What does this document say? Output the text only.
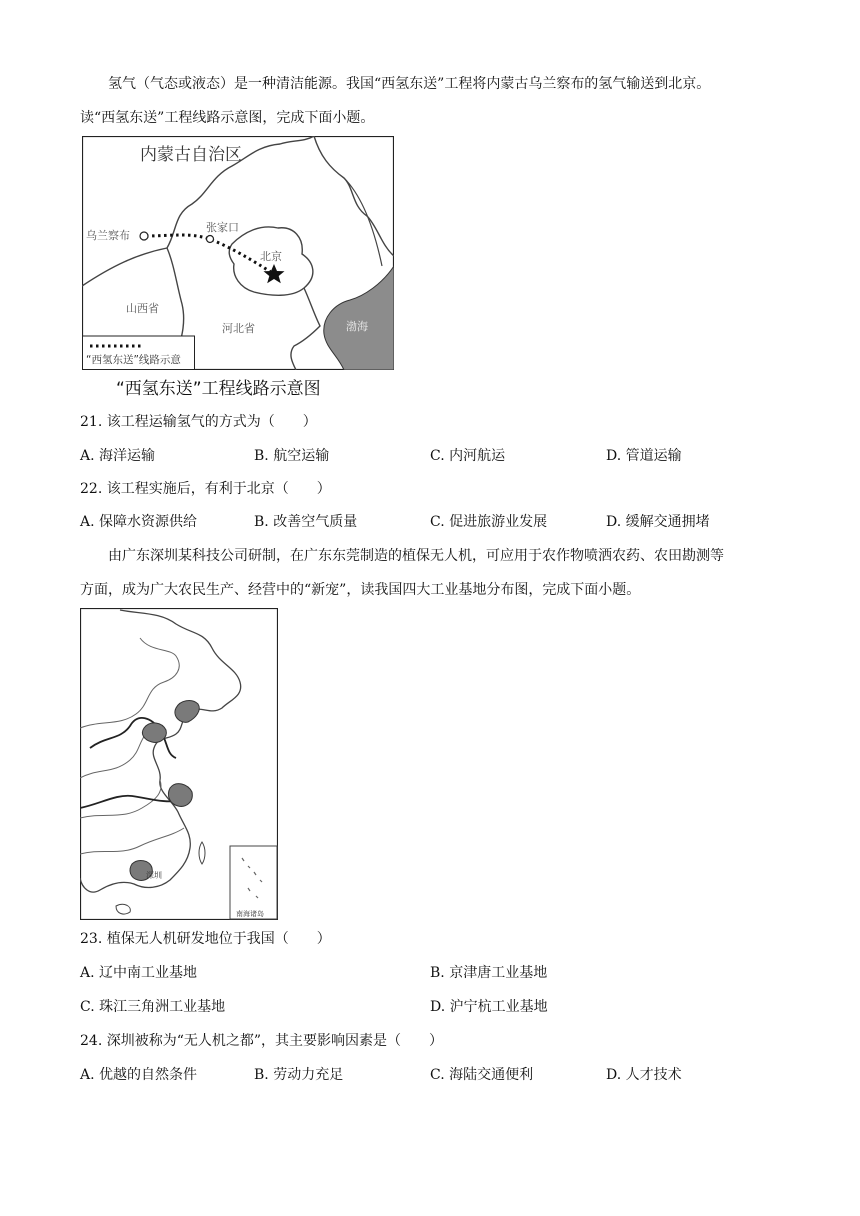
氢气（气态或液态）是一种清洁能源。我国“西氢东送”工程将内蒙古乌兰察布的氢气输送到北京。
读“西氢东送”工程线路示意图，完成下面小题。
内蒙古自治区
乌兰察布
张家口
北京
山西省
河北省	渤海
“西氢东送”线路示意
“西氢东送”工程线路示意图
21. 该工程运输氢气的方式为（　　）
A. 海洋运输	B. 航空运输	C. 内河航运	D. 管道运输
22. 该工程实施后，有利于北京（　　）
A. 保障水资源供给	B. 改善空气质量	C. 促进旅游业发展	D. 缓解交通拥堵
由广东深圳某科技公司研制，在广东东莞制造的植保无人机，可应用于农作物喷洒农药、农田勘测等
方面，成为广大农民生产、经营中的“新宠”，读我国四大工业基地分布图，完成下面小题。
深圳
南海诸岛
23. 植保无人机研发地位于我国（　　）
A. 辽中南工业基地	B. 京津唐工业基地
C. 珠江三角洲工业基地	D. 沪宁杭工业基地
24. 深圳被称为“无人机之都”，其主要影响因素是（　　）
A. 优越的自然条件	B. 劳动力充足	C. 海陆交通便利	D. 人才技术
